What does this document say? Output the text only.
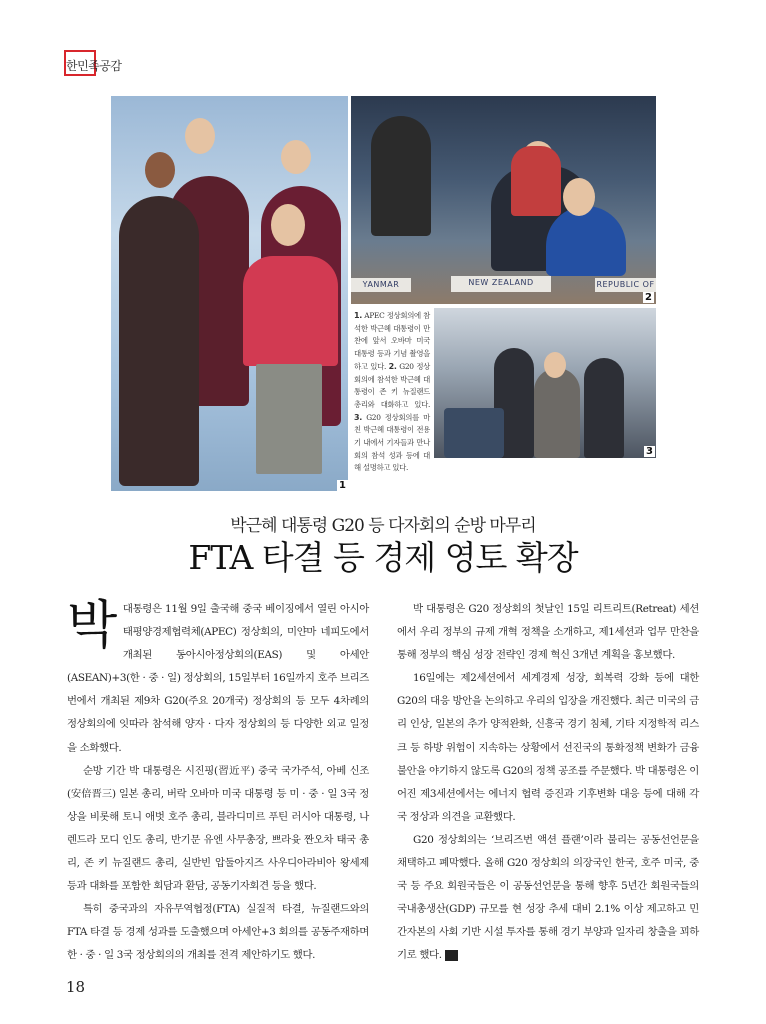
한민족공감
1
YANMAR	NEW ZEALAND	REPUBLIC OF
2
3
1. APEC 정상회의에 참석한 박근혜 대통령이 만찬에 앞서 오바마 미국 대통령 등과 기념 촬영을 하고 있다. 2. G20 정상회의에 참석한 박근혜 대통령이 존 키 뉴질랜드 총리와 대화하고 있다. 3. G20 정상회의를 마친 박근혜 대통령이 전용기 내에서 기자들과 만나 회의 참석 성과 등에 대해 설명하고 있다.
박근혜 대통령 G20 등 다자회의 순방 마무리
FTA 타결 등 경제 영토 확장
박 대통령은 11월 9일 출국해 중국 베이징에서 열린 아시아태평양경제협력체(APEC) 정상회의, 미얀마 네피도에서 개최된 동아시아정상회의(EAS) 및 아세안(ASEAN)+3(한 · 중 · 일) 정상회의, 15일부터 16일까지 호주 브리즈번에서 개최된 제9차 G20(주요 20개국) 정상회의 등 모두 4차례의 정상회의에 잇따라 참석해 양자 · 다자 정상회의 등 다양한 외교 일정을 소화했다.

순방 기간 박 대통령은 시진핑(習近平) 중국 국가주석, 아베 신조(安倍晋三) 일본 총리, 버락 오바마 미국 대통령 등 미 · 중 · 일 3국 정상을 비롯해 토니 애벗 호주 총리, 블라디미르 푸틴 러시아 대통령, 나렌드라 모디 인도 총리, 반기문 유엔 사무총장, 쁘라윳 짠오차 태국 총리, 존 키 뉴질랜드 총리, 실반빈 압둘아지즈 사우디아라비아 왕세제 등과 대화를 포함한 회담과 환담, 공동기자회견 등을 했다.

특히 중국과의 자유무역협정(FTA) 실질적 타결, 뉴질랜드와의 FTA 타결 등 경제 성과를 도출했으며 아세안+3 회의를 공동주재하며 한 · 중 · 일 3국 정상회의의 개최를 전격 제안하기도 했다.

박 대통령은 G20 정상회의 첫날인 15일 리트리트(Retreat) 세션에서 우리 정부의 규제 개혁 정책을 소개하고, 제1세션과 업무 만찬을 통해 정부의 핵심 성장 전략인 경제 혁신 3개년 계획을 홍보했다.

16일에는 제2세션에서 세계경제 성장, 회복력 강화 등에 대한 G20의 대응 방안을 논의하고 우리의 입장을 개진했다. 최근 미국의 금리 인상, 일본의 추가 양적완화, 신흥국 경기 침체, 기타 지정학적 리스크 등 하방 위험이 지속하는 상황에서 선진국의 통화정책 변화가 금융 불안을 야기하지 않도록 G20의 정책 공조를 주문했다. 박 대통령은 이어진 제3세션에서는 에너지 협력 증진과 기후변화 대응 등에 대해 각국 정상과 의견을 교환했다.

G20 정상회의는 ‘브리즈번 액션 플랜’이라 불리는 공동선언문을 채택하고 폐막했다. 올해 G20 정상회의 의장국인 한국, 호주 미국, 중국 등 주요 회원국들은 이 공동선언문을 통해 향후 5년간 회원국들의 국내총생산(GDP) 규모를 현 성장 추세 대비 2.1% 이상 제고하고 민간자본의 사회 기반 시설 투자를 통해 경기 부양과 일자리 창출을 꾀하기로 했다.	협

18
